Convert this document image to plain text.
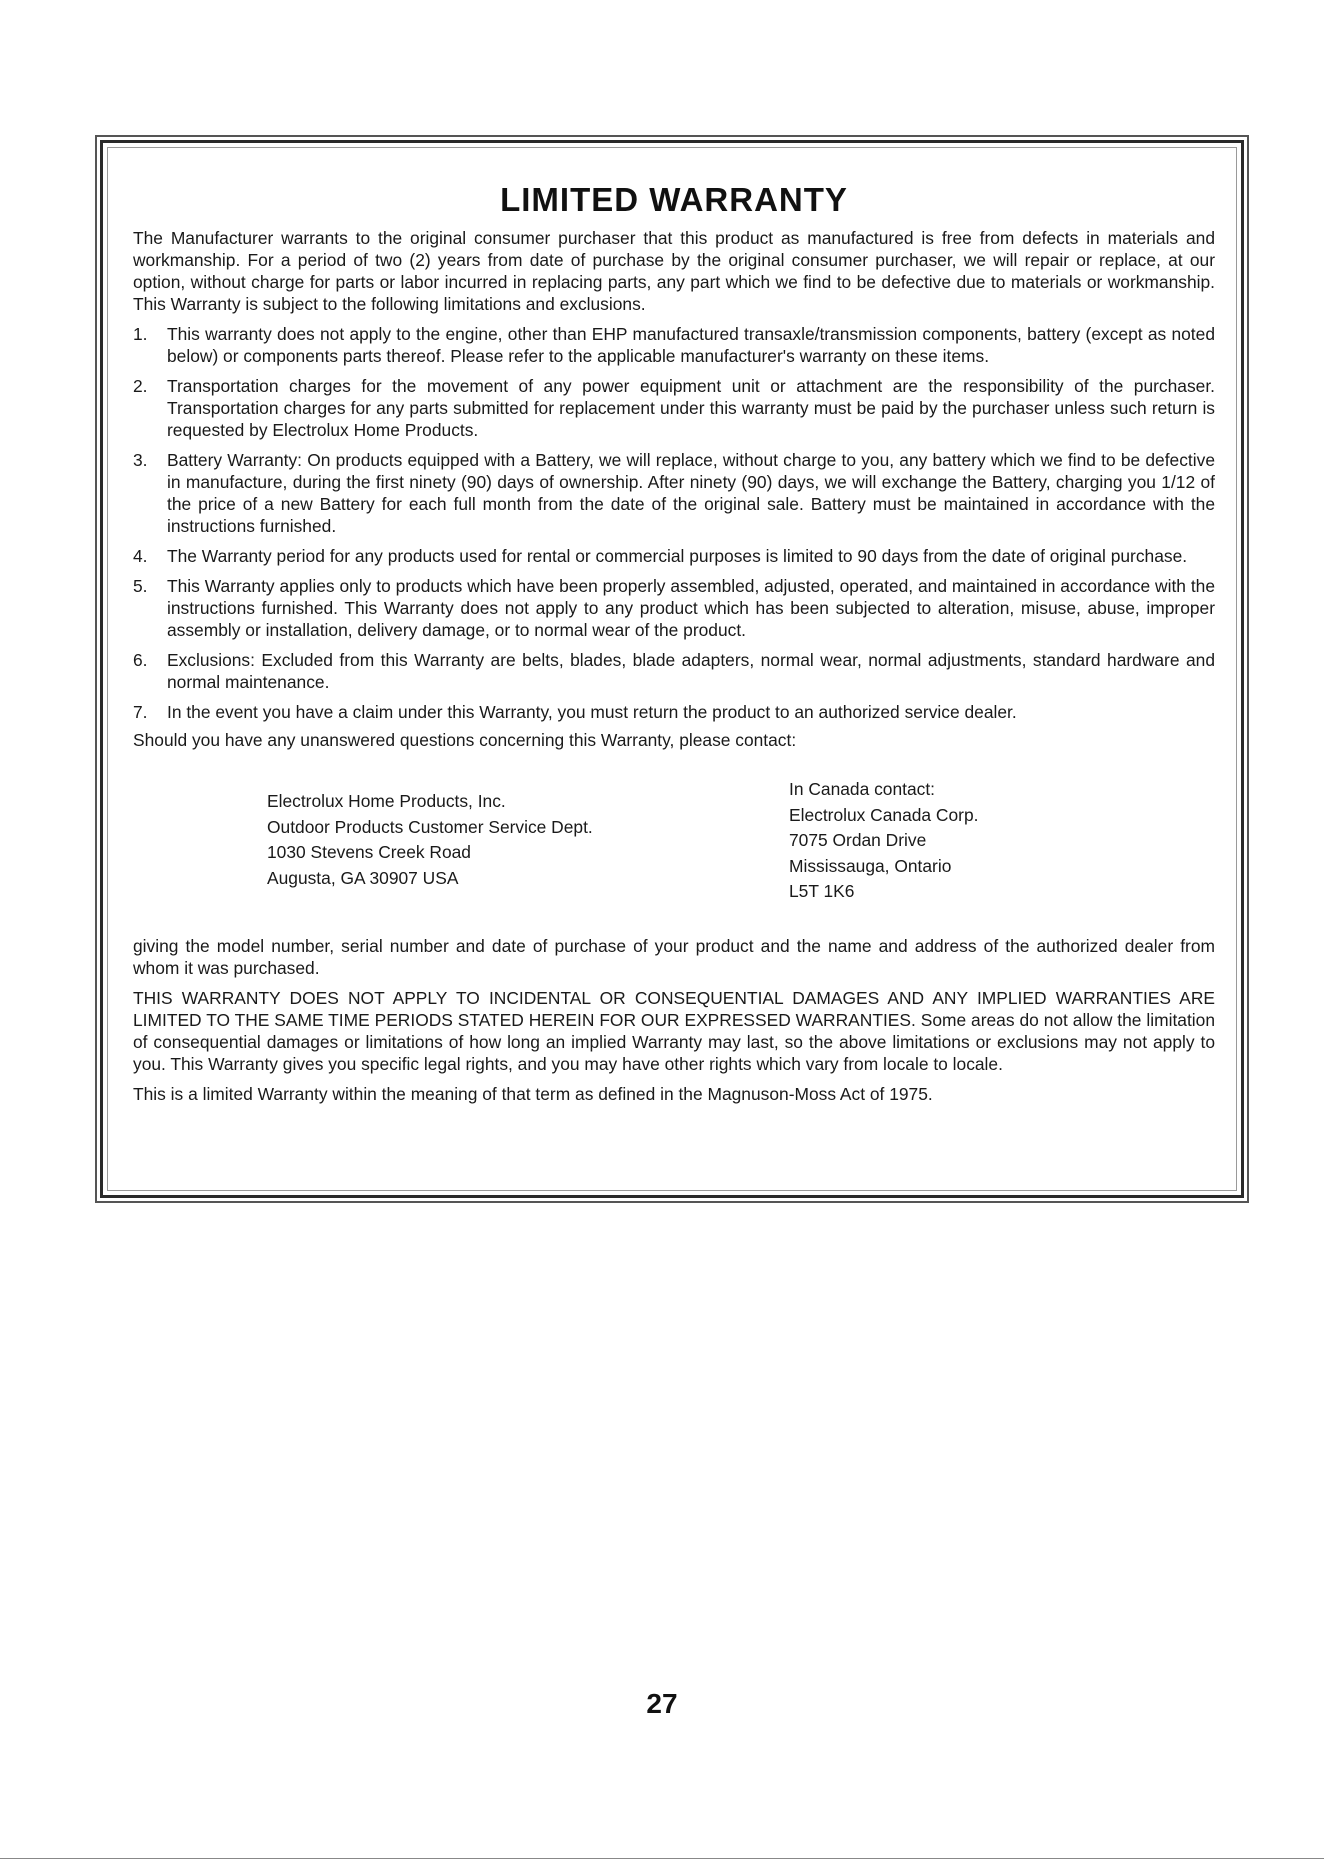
LIMITED WARRANTY

The Manufacturer warrants to the original consumer purchaser that this product as manufactured is free from defects in materials and workmanship. For a period of two (2) years from date of purchase by the original consumer purchaser, we will repair or replace, at our option, without charge for parts or labor incurred in replacing parts, any part which we find to be defective due to materials or workmanship. This Warranty is subject to the following limitations and exclusions.

1. This warranty does not apply to the engine, other than EHP manufactured transaxle/transmission components, battery (except as noted below) or components parts thereof. Please refer to the applicable manufacturer's warranty on these items.
2. Transportation charges for the movement of any power equipment unit or attachment are the responsibility of the purchaser. Transportation charges for any parts submitted for replacement under this warranty must be paid by the purchaser unless such return is requested by Electrolux Home Products.
3. Battery Warranty: On products equipped with a Battery, we will replace, without charge to you, any battery which we find to be defective in manufacture, during the first ninety (90) days of ownership. After ninety (90) days, we will exchange the Battery, charging you 1/12 of the price of a new Battery for each full month from the date of the original sale. Battery must be maintained in accordance with the instructions furnished.
4. The Warranty period for any products used for rental or commercial purposes is limited to 90 days from the date of original purchase.
5. This Warranty applies only to products which have been properly assembled, adjusted, operated, and maintained in accordance with the instructions furnished. This Warranty does not apply to any product which has been subjected to alteration, misuse, abuse, improper assembly or installation, delivery damage, or to normal wear of the product.
6. Exclusions: Excluded from this Warranty are belts, blades, blade adapters, normal wear, normal adjustments, standard hardware and normal maintenance.
7. In the event you have a claim under this Warranty, you must return the product to an authorized service dealer.

Should you have any unanswered questions concerning this Warranty, please contact:

Electrolux Home Products, Inc.
Outdoor Products Customer Service Dept.
1030 Stevens Creek Road
Augusta, GA 30907 USA
In Canada contact:
Electrolux Canada Corp.
7075 Ordan Drive
Mississauga, Ontario
L5T 1K6

giving the model number, serial number and date of purchase of your product and the name and address of the authorized dealer from whom it was purchased.

THIS WARRANTY DOES NOT APPLY TO INCIDENTAL OR CONSEQUENTIAL DAMAGES AND ANY IMPLIED WARRANTIES ARE LIMITED TO THE SAME TIME PERIODS STATED HEREIN FOR OUR EXPRESSED WARRANTIES. Some areas do not allow the limitation of consequential damages or limitations of how long an implied Warranty may last, so the above limitations or exclusions may not apply to you. This Warranty gives you specific legal rights, and you may have other rights which vary from locale to locale.

This is a limited Warranty within the meaning of that term as defined in the Magnuson-Moss Act of 1975.

27
